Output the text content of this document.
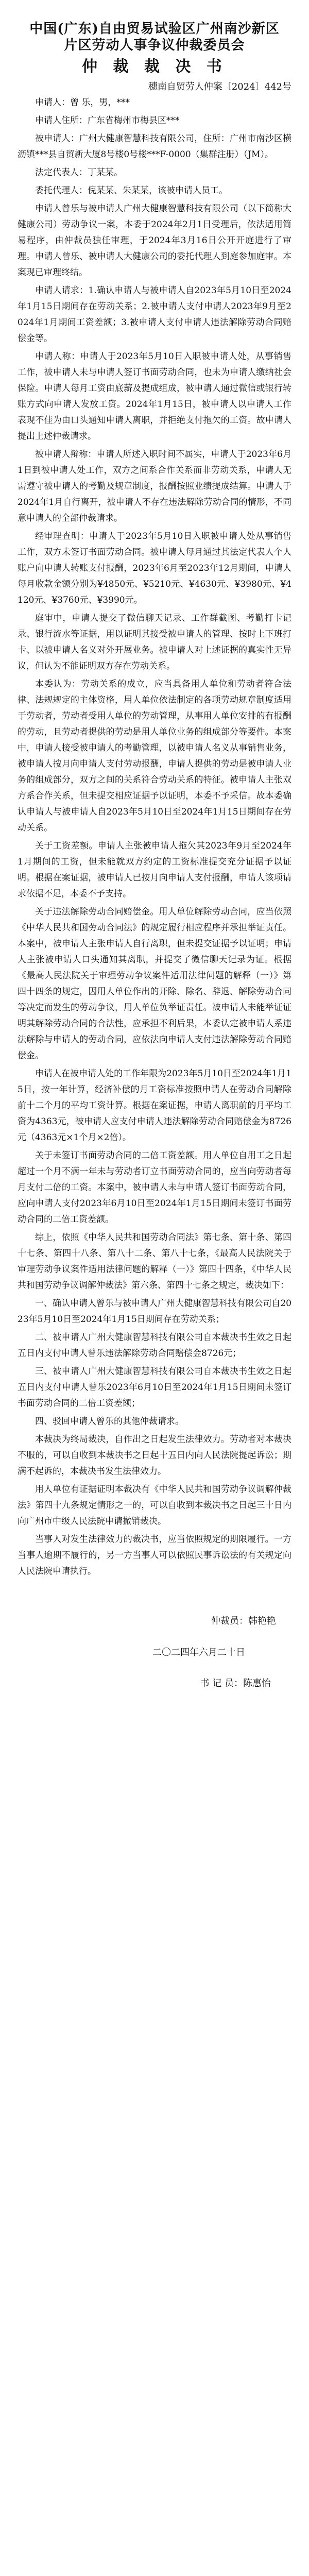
中国(广东)自由贸易试验区广州南沙新区
片区劳动人事争议仲裁委员会
仲 裁 裁 决 书
穗南自贸劳人仲案〔2024〕442号

申请人：曾 乐，男，***

申请人住所：广东省梅州市梅县区***

被申请人：广州大健康智慧科技有限公司，住所：广州市南沙区横沥镇***县自贸新大厦8号楼0号楼***F-0000（集群注册）（JM）。

法定代表人：丁某某。

委托代理人：倪某某、朱某某，该被申请人员工。

申请人曾乐与被申请人广州大健康智慧科技有限公司（以下简称大健康公司）劳动争议一案，本委于2024年2月1日受理后，依法适用简易程序，由仲裁员独任审理，于2024年3月16日公开开庭进行了审理。申请人曾乐、被申请人大健康公司的委托代理人到庭参加庭审。本案现已审理终结。

申请人请求：1.确认申请人与被申请人自2023年5月10日至2024年1月15日期间存在劳动关系；2.被申请人支付申请人2023年9月至2024年1月期间工资差额；3.被申请人支付申请人违法解除劳动合同赔偿金等。

申请人称：申请人于2023年5月10日入职被申请人处，从事销售工作，被申请人未与申请人签订书面劳动合同，也未为申请人缴纳社会保险。申请人每月工资由底薪及提成组成，被申请人通过微信或银行转账方式向申请人发放工资。2024年1月15日，被申请人以申请人工作表现不佳为由口头通知申请人离职，并拒绝支付拖欠的工资。故申请人提出上述仲裁请求。

被申请人辩称：申请人所述入职时间不属实，申请人于2023年6月1日到被申请人处工作，双方之间系合作关系而非劳动关系，申请人无需遵守被申请人的考勤及规章制度，报酬按照业绩提成结算。申请人于2024年1月自行离开，被申请人不存在违法解除劳动合同的情形，不同意申请人的全部仲裁请求。

经审理查明：申请人于2023年5月10日入职被申请人处从事销售工作，双方未签订书面劳动合同。被申请人每月通过其法定代表人个人账户向申请人转账支付报酬，2023年6月至2023年12月期间，申请人每月收款金额分别为¥4850元、¥5210元、¥4630元、¥3980元、¥4120元、¥3760元、¥3990元。

庭审中，申请人提交了微信聊天记录、工作群截图、考勤打卡记录、银行流水等证据，用以证明其接受被申请人的管理、按时上下班打卡、以被申请人名义对外开展业务。被申请人对上述证据的真实性无异议，但认为不能证明双方存在劳动关系。

本委认为：劳动关系的成立，应当具备用人单位和劳动者符合法律、法规规定的主体资格，用人单位依法制定的各项劳动规章制度适用于劳动者，劳动者受用人单位的劳动管理，从事用人单位安排的有报酬的劳动，且劳动者提供的劳动是用人单位业务的组成部分等要件。本案中，申请人接受被申请人的考勤管理，以被申请人名义从事销售业务，被申请人按月向申请人支付劳动报酬，申请人提供的劳动是被申请人业务的组成部分，双方之间的关系符合劳动关系的特征。被申请人主张双方系合作关系，但未提交相应证据予以证明，本委不予采信。故本委确认申请人与被申请人自2023年5月10日至2024年1月15日期间存在劳动关系。

关于工资差额。申请人主张被申请人拖欠其2023年9月至2024年1月期间的工资，但未能就双方约定的工资标准提交充分证据予以证明。根据在案证据，被申请人已按月向申请人支付报酬，申请人该项请求依据不足，本委不予支持。

关于违法解除劳动合同赔偿金。用人单位解除劳动合同，应当依照《中华人民共和国劳动合同法》的规定履行相应程序并承担举证责任。本案中，被申请人主张申请人自行离职，但未提交证据予以证明；申请人主张被申请人口头通知其离职，并提交了微信聊天记录为证。根据《最高人民法院关于审理劳动争议案件适用法律问题的解释（一）》第四十四条的规定，因用人单位作出的开除、除名、辞退、解除劳动合同等决定而发生的劳动争议，用人单位负举证责任。被申请人未能举证证明其解除劳动合同的合法性，应承担不利后果，本委认定被申请人系违法解除与申请人的劳动合同，应依法向申请人支付违法解除劳动合同赔偿金。

申请人在被申请人处的工作年限为2023年5月10日至2024年1月15日，按一年计算，经济补偿的月工资标准按照申请人在劳动合同解除前十二个月的平均工资计算。根据在案证据，申请人离职前的月平均工资为4363元，被申请人应支付申请人违法解除劳动合同赔偿金为8726元（4363元×1个月×2倍）。

关于未签订书面劳动合同的二倍工资差额。用人单位自用工之日起超过一个月不满一年未与劳动者订立书面劳动合同的，应当向劳动者每月支付二倍的工资。本案中，被申请人未与申请人签订书面劳动合同，应向申请人支付2023年6月10日至2024年1月15日期间未签订书面劳动合同的二倍工资差额。

综上，依照《中华人民共和国劳动合同法》第七条、第十条、第四十七条、第四十八条、第八十二条、第八十七条，《最高人民法院关于审理劳动争议案件适用法律问题的解释（一）》第四十四条，《中华人民共和国劳动争议调解仲裁法》第六条、第四十七条之规定，裁决如下：

一、确认申请人曾乐与被申请人广州大健康智慧科技有限公司自2023年5月10日至2024年1月15日期间存在劳动关系；

二、被申请人广州大健康智慧科技有限公司自本裁决书生效之日起五日内支付申请人曾乐违法解除劳动合同赔偿金8726元；

三、被申请人广州大健康智慧科技有限公司自本裁决书生效之日起五日内支付申请人曾乐2023年6月10日至2024年1月15日期间未签订书面劳动合同的二倍工资差额；

四、驳回申请人曾乐的其他仲裁请求。

本裁决为终局裁决，自作出之日起发生法律效力。劳动者对本裁决不服的，可以自收到本裁决书之日起十五日内向人民法院提起诉讼；期满不起诉的，本裁决书发生法律效力。

用人单位有证据证明本裁决有《中华人民共和国劳动争议调解仲裁法》第四十九条规定情形之一的，可以自收到本裁决书之日起三十日内向广州市中级人民法院申请撤销裁决。

当事人对发生法律效力的裁决书，应当依照规定的期限履行。一方当事人逾期不履行的，另一方当事人可以依照民事诉讼法的有关规定向人民法院申请执行。

仲裁员：韩艳艳
二〇二四年六月二十日
书 记 员：陈惠怡
